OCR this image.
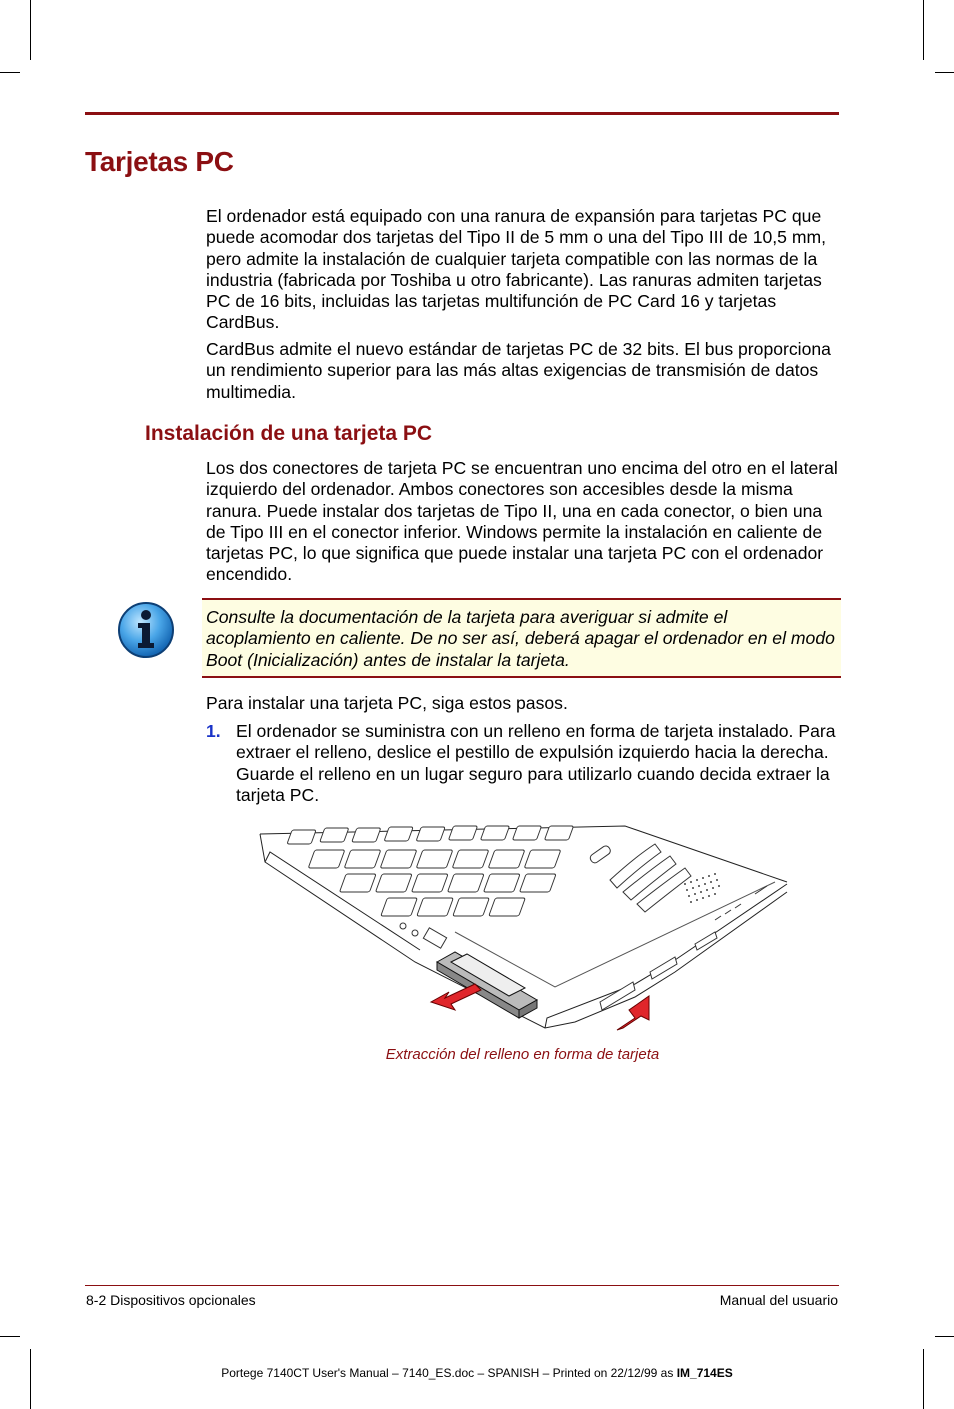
Tarjetas PC
El ordenador está equipado con una ranura de expansión para tarjetas PC que puede acomodar dos tarjetas del Tipo II de 5 mm o una del Tipo III de 10,5 mm, pero admite la instalación de cualquier tarjeta compatible con las normas de la industria (fabricada por Toshiba u otro fabricante). Las ranuras admiten tarjetas PC de 16 bits, incluidas las tarjetas multifunción de PC Card 16 y tarjetas CardBus.
CardBus admite el nuevo estándar de tarjetas PC de 32 bits. El bus proporciona un rendimiento superior para las más altas exigencias de transmisión de datos multimedia.
Instalación de una tarjeta PC
Los dos conectores de tarjeta PC se encuentran uno encima del otro en el lateral izquierdo del ordenador. Ambos conectores son accesibles desde la misma ranura. Puede instalar dos tarjetas de Tipo II, una en cada conector, o bien una de Tipo III en el conector inferior. Windows permite la instalación en caliente de tarjetas PC, lo que significa que puede instalar una tarjeta PC con el ordenador encendido.
Consulte la documentación de la tarjeta para averiguar si admite el acoplamiento en caliente. De no ser así, deberá apagar el ordenador en el modo Boot (Inicialización) antes de instalar la tarjeta.
Para instalar una tarjeta PC, siga estos pasos.
1. El ordenador se suministra con un relleno en forma de tarjeta instalado. Para extraer el relleno, deslice el pestillo de expulsión izquierdo hacia la derecha. Guarde el relleno en un lugar seguro para utilizarlo cuando decida extraer la tarjeta PC.
Extracción del relleno en forma de tarjeta
8-2 Dispositivos opcionales	Manual del usuario
Portege 7140CT User's Manual – 7140_ES.doc – SPANISH – Printed on 22/12/99 as IM_714ES
